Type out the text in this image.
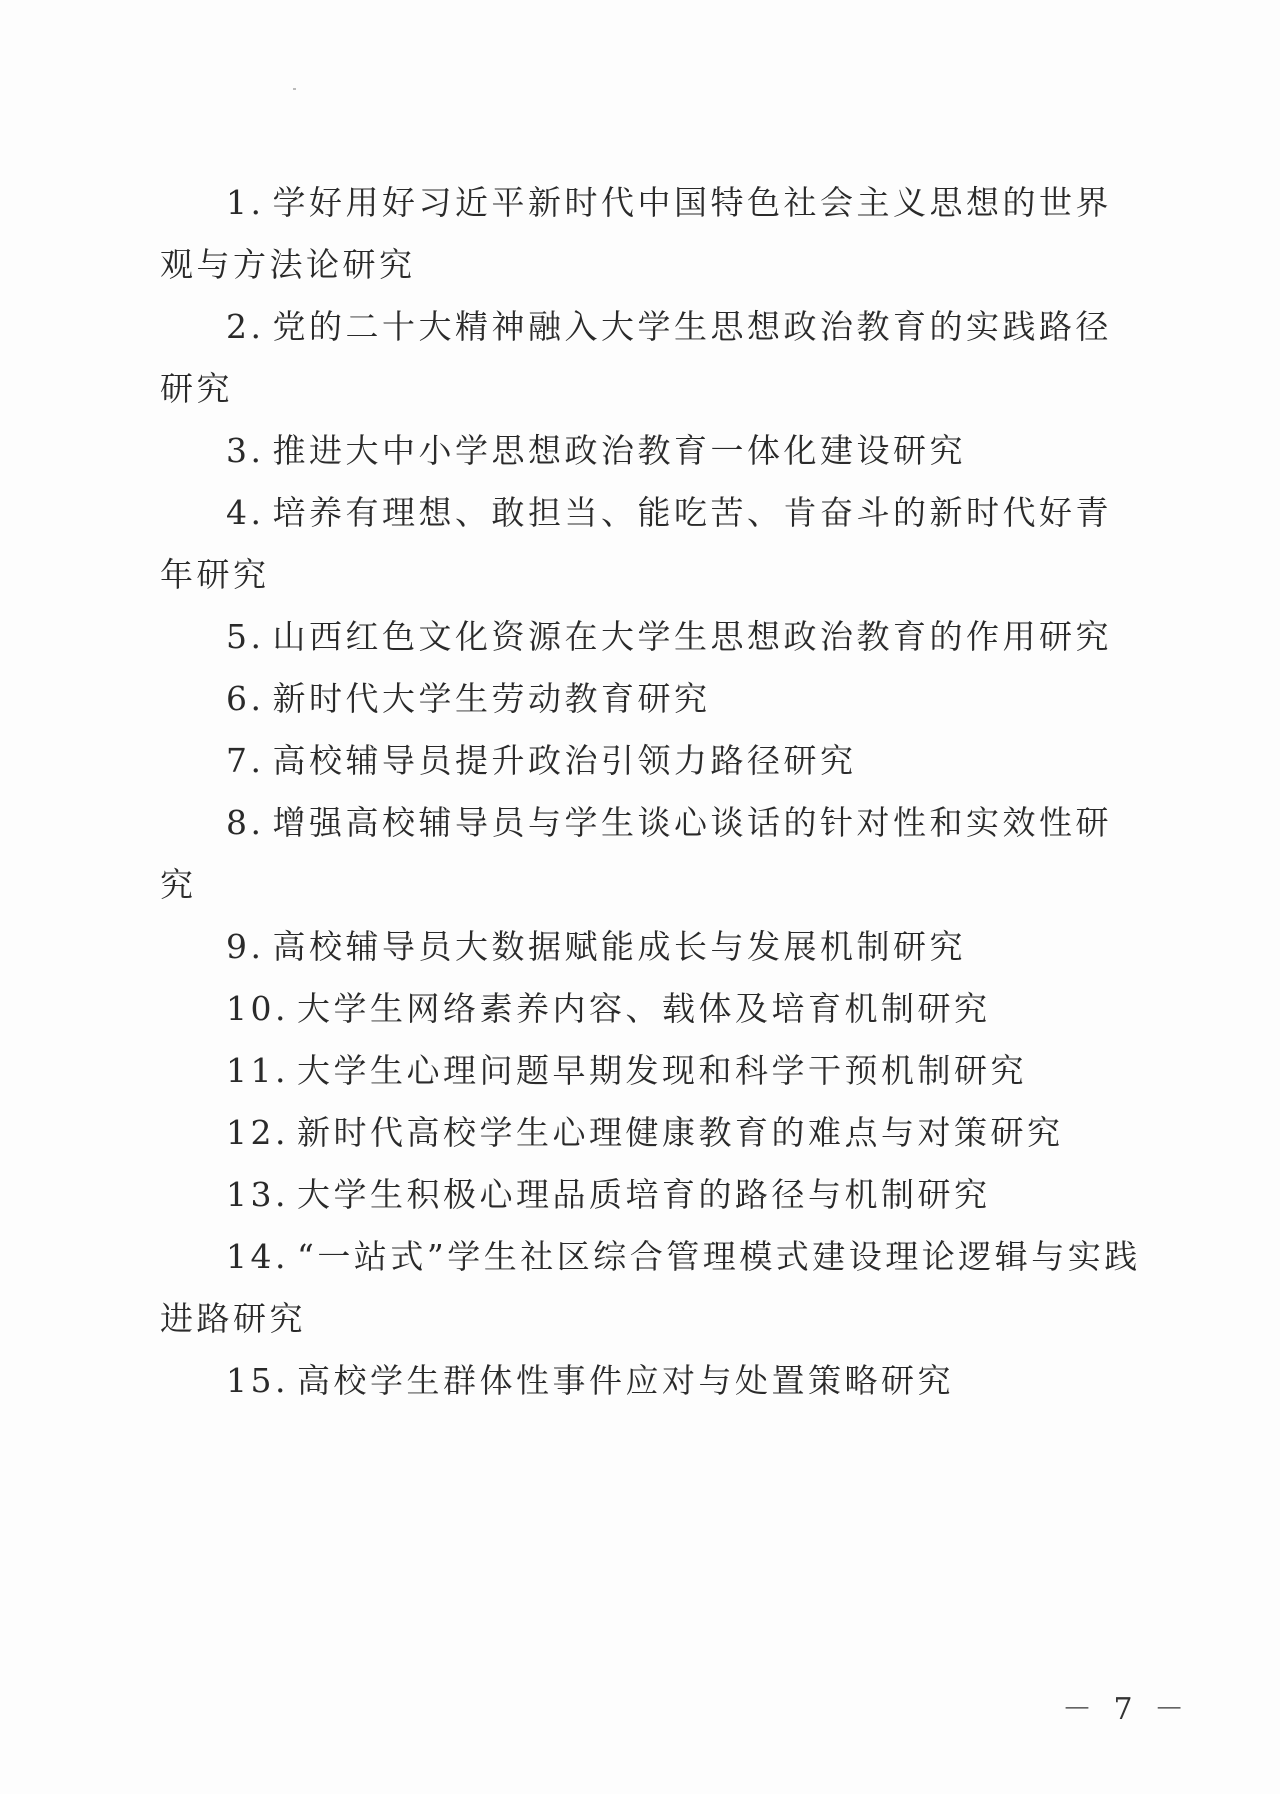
1. 学好用好习近平新时代中国特色社会主义思想的世界观与方法论研究
2. 党的二十大精神融入大学生思想政治教育的实践路径研究
3. 推进大中小学思想政治教育一体化建设研究
4. 培养有理想、敢担当、能吃苦、肯奋斗的新时代好青年研究
5. 山西红色文化资源在大学生思想政治教育的作用研究
6. 新时代大学生劳动教育研究
7. 高校辅导员提升政治引领力路径研究
8. 增强高校辅导员与学生谈心谈话的针对性和实效性研究
9. 高校辅导员大数据赋能成长与发展机制研究
10. 大学生网络素养内容、载体及培育机制研究
11. 大学生心理问题早期发现和科学干预机制研究
12. 新时代高校学生心理健康教育的难点与对策研究
13. 大学生积极心理品质培育的路径与机制研究
14. “一站式”学生社区综合管理模式建设理论逻辑与实践进路研究
15. 高校学生群体性事件应对与处置策略研究
－ 7 －
